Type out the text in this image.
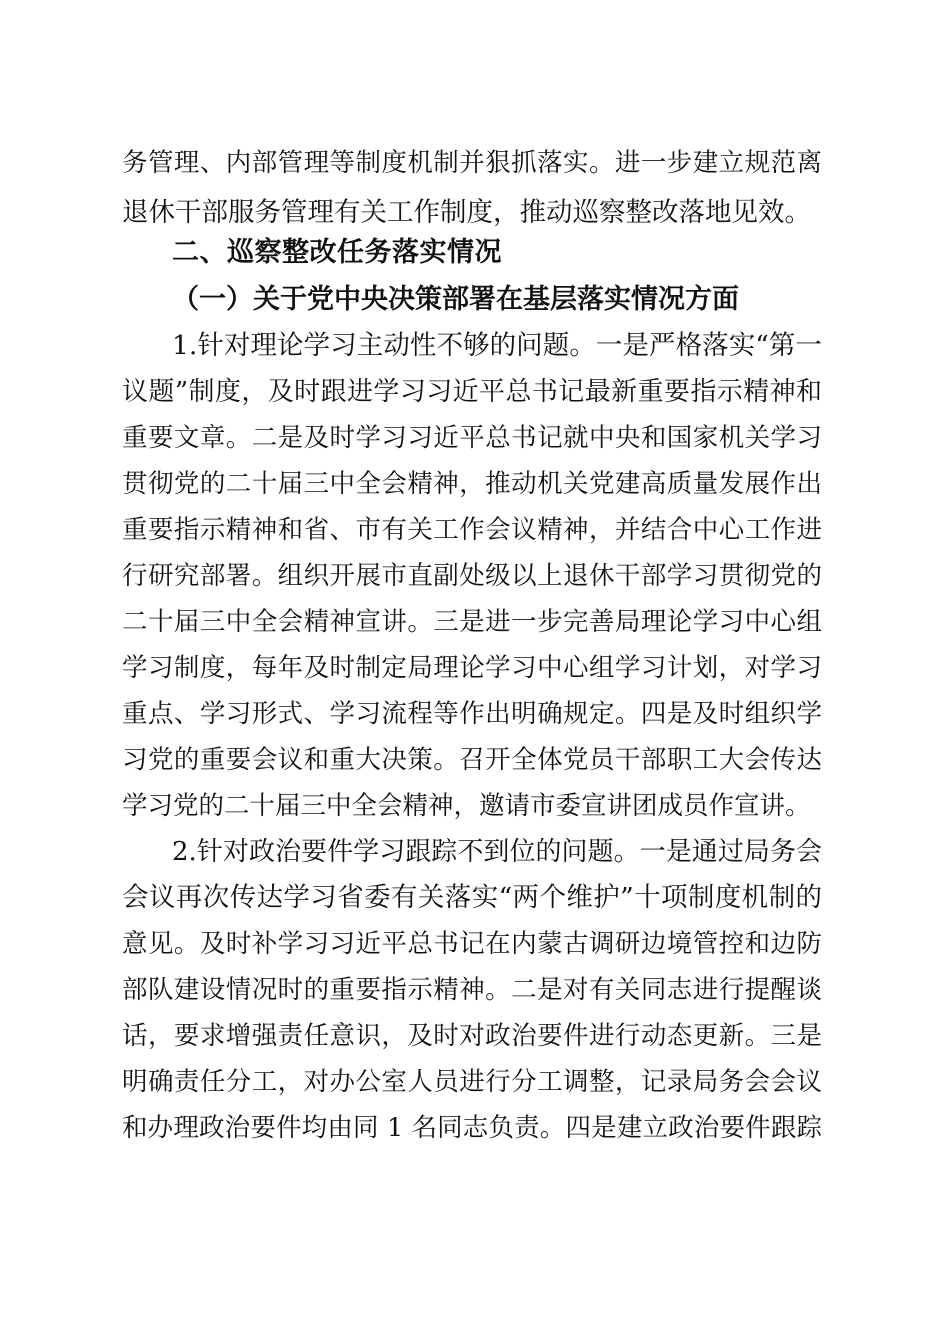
务管理、内部管理等制度机制并狠抓落实。进一步建立规范离
退休干部服务管理有关工作制度，推动巡察整改落地见效。
二、巡察整改任务落实情况
（一）关于党中央决策部署在基层落实情况方面
1.针对理论学习主动性不够的问题。一是严格落实“第一
议题”制度，及时跟进学习习近平总书记最新重要指示精神和
重要文章。二是及时学习习近平总书记就中央和国家机关学习
贯彻党的二十届三中全会精神，推动机关党建高质量发展作出
重要指示精神和省、市有关工作会议精神，并结合中心工作进
行研究部署。组织开展市直副处级以上退休干部学习贯彻党的
二十届三中全会精神宣讲。三是进一步完善局理论学习中心组
学习制度，每年及时制定局理论学习中心组学习计划，对学习
重点、学习形式、学习流程等作出明确规定。四是及时组织学
习党的重要会议和重大决策。召开全体党员干部职工大会传达
学习党的二十届三中全会精神，邀请市委宣讲团成员作宣讲。
2.针对政治要件学习跟踪不到位的问题。一是通过局务会
会议再次传达学习省委有关落实“两个维护”十项制度机制的
意见。及时补学习习近平总书记在内蒙古调研边境管控和边防
部队建设情况时的重要指示精神。二是对有关同志进行提醒谈
话，要求增强责任意识，及时对政治要件进行动态更新。三是
明确责任分工，对办公室人员进行分工调整，记录局务会会议
和办理政治要件均由同 1 名同志负责。四是建立政治要件跟踪
